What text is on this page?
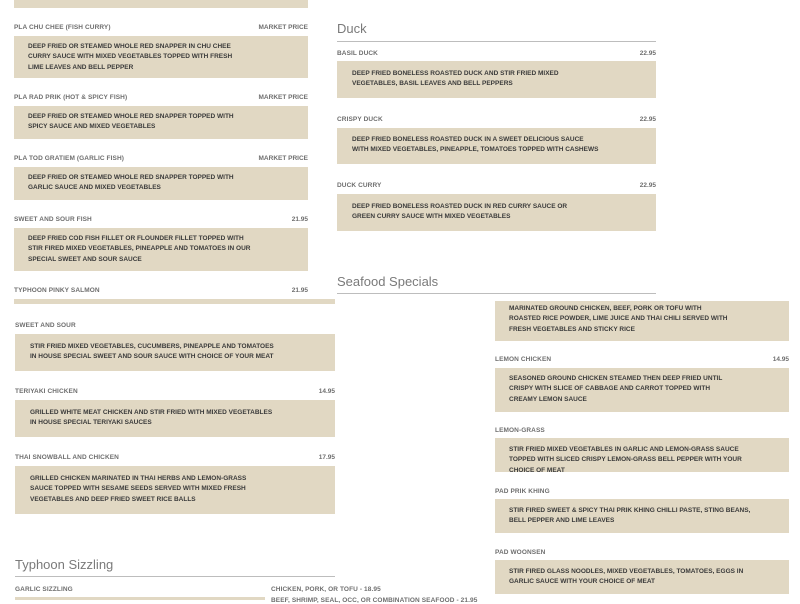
PLA CHU CHEE (FISH CURRY)	MARKET PRICE

DEEP FRIED OR STEAMED WHOLE RED SNAPPER IN CHU CHEE CURRY SAUCE WITH MIXED VEGETABLES TOPPED WITH FRESH LIME LEAVES AND BELL PEPPER

PLA RAD PRIK (HOT & SPICY FISH)	MARKET PRICE

DEEP FRIED OR STEAMED WHOLE RED SNAPPER TOPPED WITH SPICY SAUCE AND MIXED VEGETABLES

PLA TOD GRATIEM (GARLIC FISH)	MARKET PRICE

DEEP FRIED OR STEAMED WHOLE RED SNAPPER TOPPED WITH GARLIC SAUCE AND MIXED VEGETABLES

SWEET AND SOUR FISH	21.95

DEEP FRIED COD FISH FILLET OR FLOUNDER FILLET TOPPED WITH STIR FIRED MIXED VEGETABLES, PINEAPPLE AND TOMATOES IN OUR SPECIAL SWEET AND SOUR SAUCE

TYPHOON PINKY SALMON	21.95
SWEET AND SOUR

STIR FRIED MIXED VEGETABLES, CUCUMBERS, PINEAPPLE AND TOMATOES IN HOUSE SPECIAL SWEET AND SOUR SAUCE WITH CHOICE OF YOUR MEAT

TERIYAKI CHICKEN	14.95

GRILLED WHITE MEAT CHICKEN AND STIR FRIED WITH MIXED VEGETABLES IN HOUSE SPECIAL TERIYAKI SAUCES

THAI SNOWBALL AND CHICKEN	17.95

GRILLED CHICKEN MARINATED IN THAI HERBS AND LEMON-GRASS SAUCE TOPPED WITH SESAME SEEDS SERVED WITH MIXED FRESH VEGETABLES AND DEEP FRIED SWEET RICE BALLS

Typhoon Sizzling
GARLIC SIZZLING	CHICKEN, PORK, OR TOFU - 18.95
BEEF, SHRIMP, SEAL, OCC, OR COMBINATION SEAFOOD - 21.95
Duck
BASIL DUCK	22.95

DEEP FRIED BONELESS ROASTED DUCK AND STIR FRIED MIXED VEGETABLES, BASIL LEAVES AND BELL PEPPERS

CRISPY DUCK	22.95

DEEP FRIED BONELESS ROASTED DUCK IN A SWEET DELICIOUS SAUCE WITH MIXED VEGETABLES, PINEAPPLE, TOMATOES TOPPED WITH CASHEWS

DUCK CURRY	22.95

DEEP FRIED BONELESS ROASTED DUCK IN RED CURRY SAUCE OR GREEN CURRY SAUCE WITH MIXED VEGETABLES

Seafood Specials

MARINATED GROUND CHICKEN, BEEF, PORK OR TOFU WITH ROASTED RICE POWDER, LIME JUICE AND THAI CHILI SERVED WITH FRESH VEGETABLES AND STICKY RICE

LEMON CHICKEN	14.95

SEASONED GROUND CHICKEN STEAMED THEN DEEP FRIED UNTIL CRISPY WITH SLICE OF CABBAGE AND CARROT TOPPED WITH CREAMY LEMON SAUCE

LEMON-GRASS

STIR FRIED MIXED VEGETABLES IN GARLIC AND LEMON-GRASS SAUCE TOPPED WITH SLICED CRISPY LEMON-GRASS BELL PEPPER WITH YOUR CHOICE OF MEAT

PAD PRIK KHING

STIR FIRED SWEET & SPICY THAI PRIK KHING CHILLI PASTE, STING BEANS, BELL PEPPER AND LIME LEAVES

PAD WOONSEN

STIR FIRED GLASS NOODLES, MIXED VEGETABLES, TOMATOES, EGGS IN GARLIC SAUCE WITH YOUR CHOICE OF MEAT
